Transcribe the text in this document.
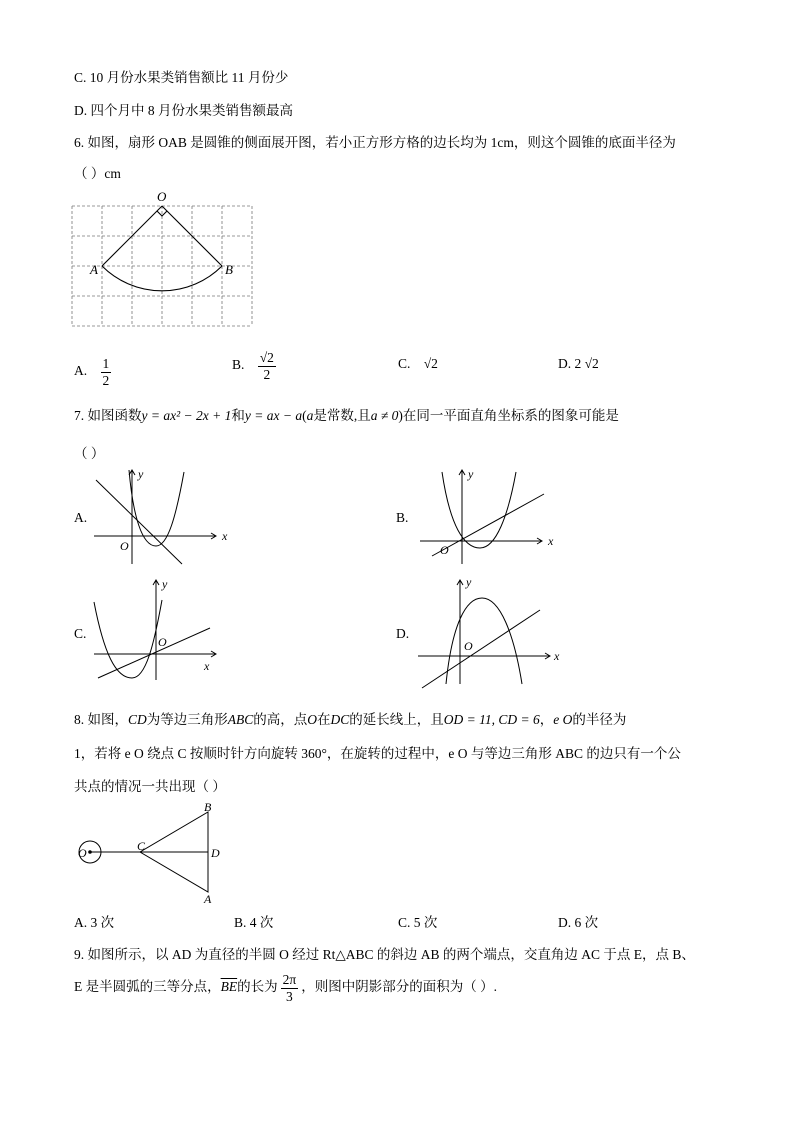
C. 10 月份水果类销售额比 11 月份少
D. 四个月中 8 月份水果类销售额最高
6. 如图，扇形 OAB 是圆锥的侧面展开图，若小正方形方格的边长均为 1cm，则这个圆锥的底面半径为
（ ）cm
O
A	B
A. $\frac{1}{2}$	B. $\frac{√2}{2}$	C. √2	D. 2 √2
7. 如图函数y = ax² − 2x + 1和y = ax − a(a是常数,且a ≠ 0)在同一平面直角坐标系的图象可能是
（ ）
A.
x
y
O
B.
x
y
O
C.
x
y
O
D.
x
y
O
8. 如图，CD为等边三角形ABC的高，点O在DC的延长线上，且OD = 11, CD = 6，e O的半径为
1，若将 e O 绕点 C 按顺时针方向旋转 360°，在旋转的过程中，e O 与等边三角形 ABC 的边只有一个公
共点的情况一共出现（ ）
O	C	D
A
B
A. 3 次	B. 4 次	C. 5 次	D. 6 次
9. 如图所示，以 AD 为直径的半圆 O 经过 Rt△ABC 的斜边 AB 的两个端点，交直角边 AC 于点 E，点 B、
E 是半圆弧的三等分点，$\overline{BE}$的长为 $\frac{2\pi}{3}$ ，则图中阴影部分的面积为（ ）.
